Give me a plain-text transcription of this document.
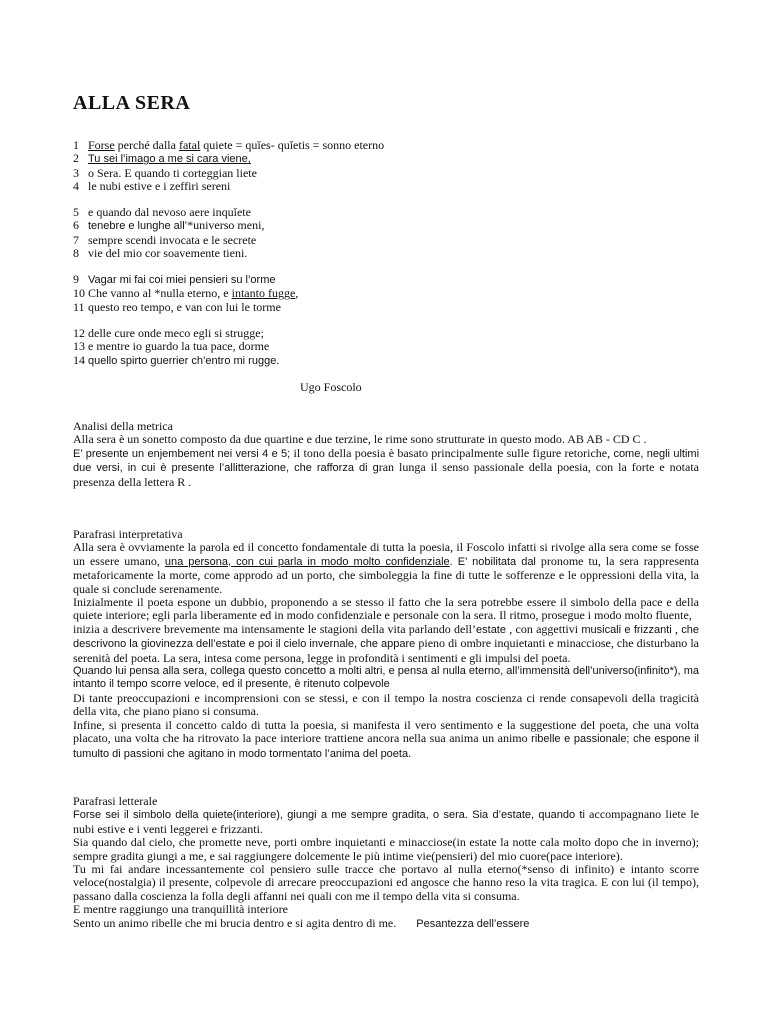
ALLA SERA
1 Forse perché dalla fatal quiete = quĭes- quĭetis = sonno eterno
2 Tu sei l’imago a me si cara viene,
3 o Sera. E quando ti corteggian liete
4 le nubi estive e i zeffiri sereni
5 e quando dal nevoso aere inquĭete
6 tenebre e lunghe all’*universo meni,
7 sempre scendi invocata e le secrete
8 vie del mio cor soavemente tieni.
9 Vagar mi fai coi miei pensieri su l’orme
10 Che vanno al *nulla eterno, e intanto fugge,
11 questo reo tempo, e van con lui le torme
12 delle cure onde meco egli si strugge;
13 e mentre io guardo la tua pace, dorme
14 quello spirto guerrier ch’entro mi rugge.
Ugo Foscolo

Analisi della metrica

Alla sera è un sonetto composto da due quartine e due terzine, le rime sono strutturate in questo modo. AB AB - CD C .

E’ presente un enjembement nei versi 4 e 5; il tono della poesia è basato principalmente sulle figure retoriche, come, negli ultimi due versi, in cui è presente l’allitterazione, che rafforza di gran lunga il senso passionale della poesia, con la forte e notata presenza della lettera R .

Parafrasi interpretativa

Alla sera è ovviamente la parola ed il concetto fondamentale di tutta la poesia, il Foscolo infatti si rivolge alla sera come se fosse un essere umano, una persona, con cui parla in modo molto confidenziale. E’ nobilitata dal pronome tu, la sera rappresenta metaforicamente la morte, come approdo ad un porto, che simboleggia la fine di tutte le sofferenze e le oppressioni della vita, la quale si conclude serenamente.

Inizialmente il poeta espone un dubbio, proponendo a se stesso il fatto che la sera potrebbe essere il simbolo della pace e della quiete interiore; egli parla liberamente ed in modo confidenziale e personale con la sera. Il ritmo, prosegue i modo molto fluente,

inizia a descrivere brevemente ma intensamente le stagioni della vita parlando dell’estate , con aggettivi musicali e frizzanti , che descrivono la giovinezza dell’estate e poi il cielo invernale, che appare pieno di ombre inquietanti e minacciose, che disturbano la serenità del poeta. La sera, intesa come persona, legge in profondità i sentimenti e gli impulsi del poeta.

Quando lui pensa alla sera, collega questo concetto a molti altri, e pensa al nulla eterno, all’immensità dell’universo(infinito*), ma intanto il tempo scorre veloce, ed il presente, è ritenuto colpevole

Di tante preoccupazioni e incomprensioni con se stessi, e con il tempo la nostra coscienza ci rende consapevoli della tragicità della vita, che piano piano si consuma.

Infine, si presenta il concetto caldo di tutta la poesia, si manifesta il vero sentimento e la suggestione del poeta, che una volta placato, una volta che ha ritrovato la pace interiore trattiene ancora nella sua anima un animo ribelle e passionale; che espone il tumulto di passioni che agitano in modo tormentato l’anima del poeta.

Parafrasi letterale

Forse sei il simbolo della quiete(interiore), giungi a me sempre gradita, o sera. Sia d’estate, quando ti accompagnano liete le nubi estive e i venti leggerei e frizzanti.

Sia quando dal cielo, che promette neve, porti ombre inquietanti e minacciose(in estate la notte cala molto dopo che in inverno); sempre gradita giungi a me, e sai raggiungere dolcemente le più intime vie(pensieri) del mio cuore(pace interiore).

Tu mi fai andare incessantemente col pensiero sulle tracce che portavo al nulla eterno(*senso di infinito) e intanto scorre veloce(nostalgia) il presente, colpevole di arrecare preoccupazioni ed angosce che hanno reso la vita tragica. E con lui (il tempo), passano dalla coscienza la folla degli affanni nei quali con me il tempo della vita si consuma.

E mentre raggiungo una tranquillità interiore

Sento un animo ribelle che mi brucia dentro e si agita dentro di me. Pesantezza dell’essere
